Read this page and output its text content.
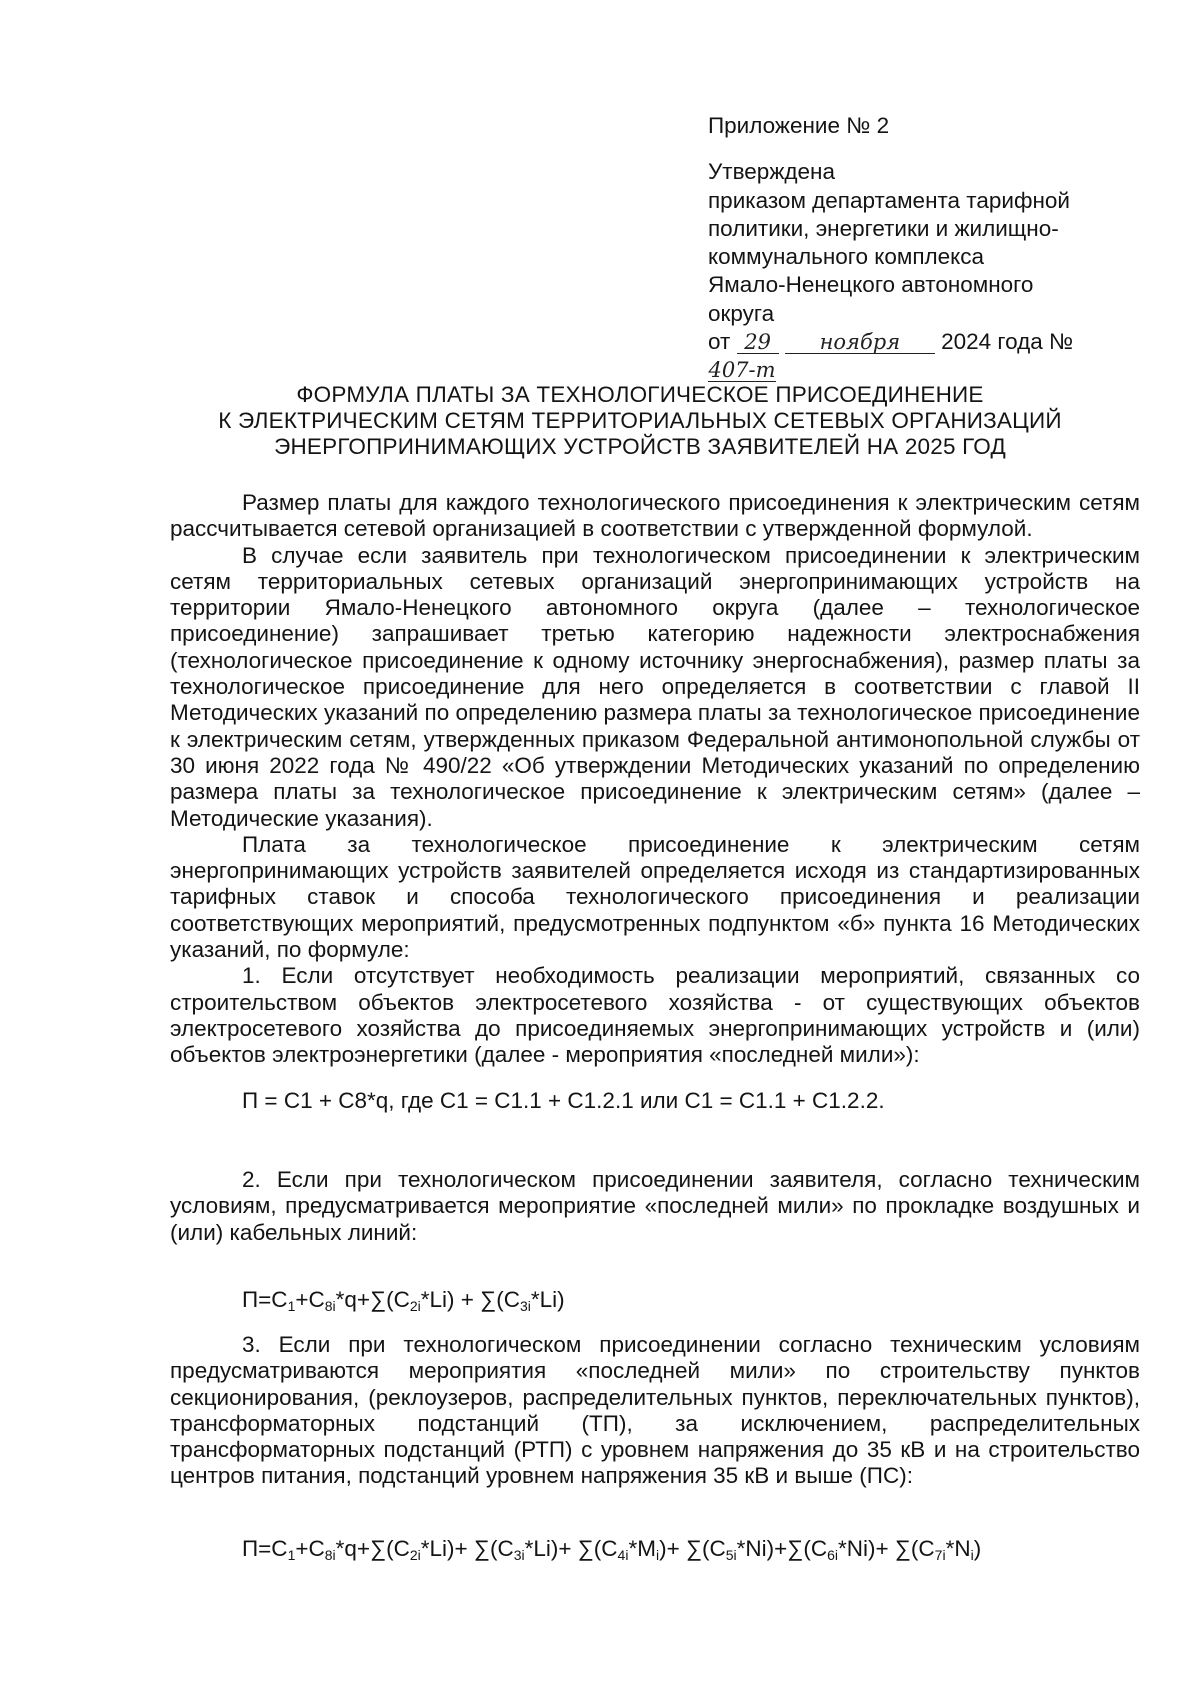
Приложение № 2
Утверждена
приказом департамента тарифной
политики, энергетики и жилищно-
коммунального комплекса
Ямало-Ненецкого автономного
округа
от 29 ноября 2024 года № 407-т
ФОРМУЛА ПЛАТЫ ЗА ТЕХНОЛОГИЧЕСКОЕ ПРИСОЕДИНЕНИЕ
К ЭЛЕКТРИЧЕСКИМ СЕТЯМ ТЕРРИТОРИАЛЬНЫХ СЕТЕВЫХ ОРГАНИЗАЦИЙ
ЭНЕРГОПРИНИМАЮЩИХ УСТРОЙСТВ ЗАЯВИТЕЛЕЙ НА 2025 ГОД

Размер платы для каждого технологического присоединения к электрическим сетям рассчитывается сетевой организацией в соответствии с утвержденной формулой.

В случае если заявитель при технологическом присоединении к электрическим сетям территориальных сетевых организаций энергопринимающих устройств на территории Ямало-Ненецкого автономного округа (далее – технологическое присоединение) запрашивает третью категорию надежности электроснабжения (технологическое присоединение к одному источнику энергоснабжения), размер платы за технологическое присоединение для него определяется в соответствии с главой II Методических указаний по определению размера платы за технологическое присоединение к электрическим сетям, утвержденных приказом Федеральной антимонопольной службы от 30 июня 2022 года № 490/22 «Об утверждении Методических указаний по определению размера платы за технологическое присоединение к электрическим сетям» (далее – Методические указания).

Плата за технологическое присоединение к электрическим сетям энергопринимающих устройств заявителей определяется исходя из стандартизированных тарифных ставок и способа технологического присоединения и реализации соответствующих мероприятий, предусмотренных подпунктом «б» пункта 16 Методических указаний, по формуле:

1. Если отсутствует необходимость реализации мероприятий, связанных со строительством объектов электросетевого хозяйства - от существующих объектов электросетевого хозяйства до присоединяемых энергопринимающих устройств и (или) объектов электроэнергетики (далее - мероприятия «последней мили»):

П = С1 + С8*q, где С1 = С1.1 + С1.2.1 или С1 = С1.1 + С1.2.2.

2. Если при технологическом присоединении заявителя, согласно техническим условиям, предусматривается мероприятие «последней мили» по прокладке воздушных и (или) кабельных линий:

$П=С_1+С_{8i}*q+\sum(С_{2i}*Li) + \sum(С_{3i}*Li)$

3. Если при технологическом присоединении согласно техническим условиям предусматриваются мероприятия «последней мили» по строительству пунктов секционирования, (реклоузеров, распределительных пунктов, переключательных пунктов), трансформаторных подстанций (ТП), за исключением, распределительных трансформаторных подстанций (РТП) с уровнем напряжения до 35 кВ и на строительство центров питания, подстанций уровнем напряжения 35 кВ и выше (ПС):

$П=С_1+С_{8i}*q+\sum(С_{2i}*Li)+ \sum(С_{3i}*Li)+ \sum(С_{4i}*M_i)+ \sum(С_{5i}*Ni)+\sum(С_{6i}*Ni)+ \sum(С_{7i}*N_i)$
